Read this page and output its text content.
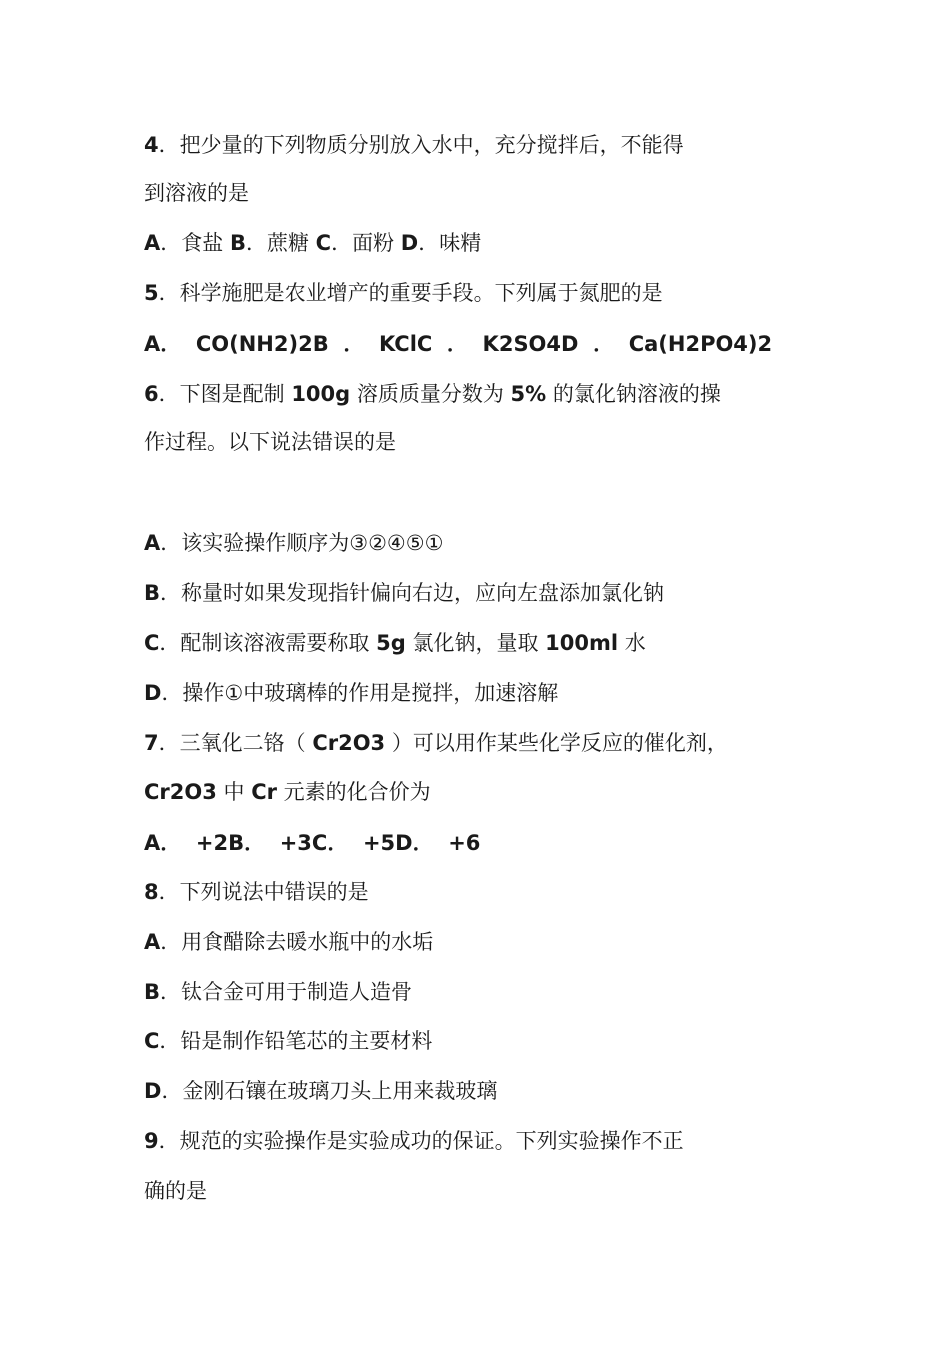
4．把少量的下列物质分别放入水中，充分搅拌后，不能得
到溶液的是
A．食盐 B．蔗糖 C．面粉 D．味精
5．科学施肥是农业增产的重要手段。下列属于氮肥的是
A．  CO(NH2)2B  ．  KClC  ．  K2SO4D  ．  Ca(H2PO4)2
6．下图是配制 100g 溶质质量分数为 5% 的氯化钠溶液的操
作过程。以下说法错误的是
A．该实验操作顺序为③②④⑤①
B．称量时如果发现指针偏向右边，应向左盘添加氯化钠
C．配制该溶液需要称取 5g 氯化钠，量取 100ml 水
D．操作①中玻璃棒的作用是搅拌，加速溶解
7．三氧化二铬（ Cr2O3 ）可以用作某些化学反应的催化剂，
Cr2O3 中 Cr 元素的化合价为
A．  +2B．  +3C．  +5D．  +6
8．下列说法中错误的是
A．用食醋除去暖水瓶中的水垢
B．钛合金可用于制造人造骨
C．铅是制作铅笔芯的主要材料
D．金刚石镶在玻璃刀头上用来裁玻璃
9．规范的实验操作是实验成功的保证。下列实验操作不正
确的是
